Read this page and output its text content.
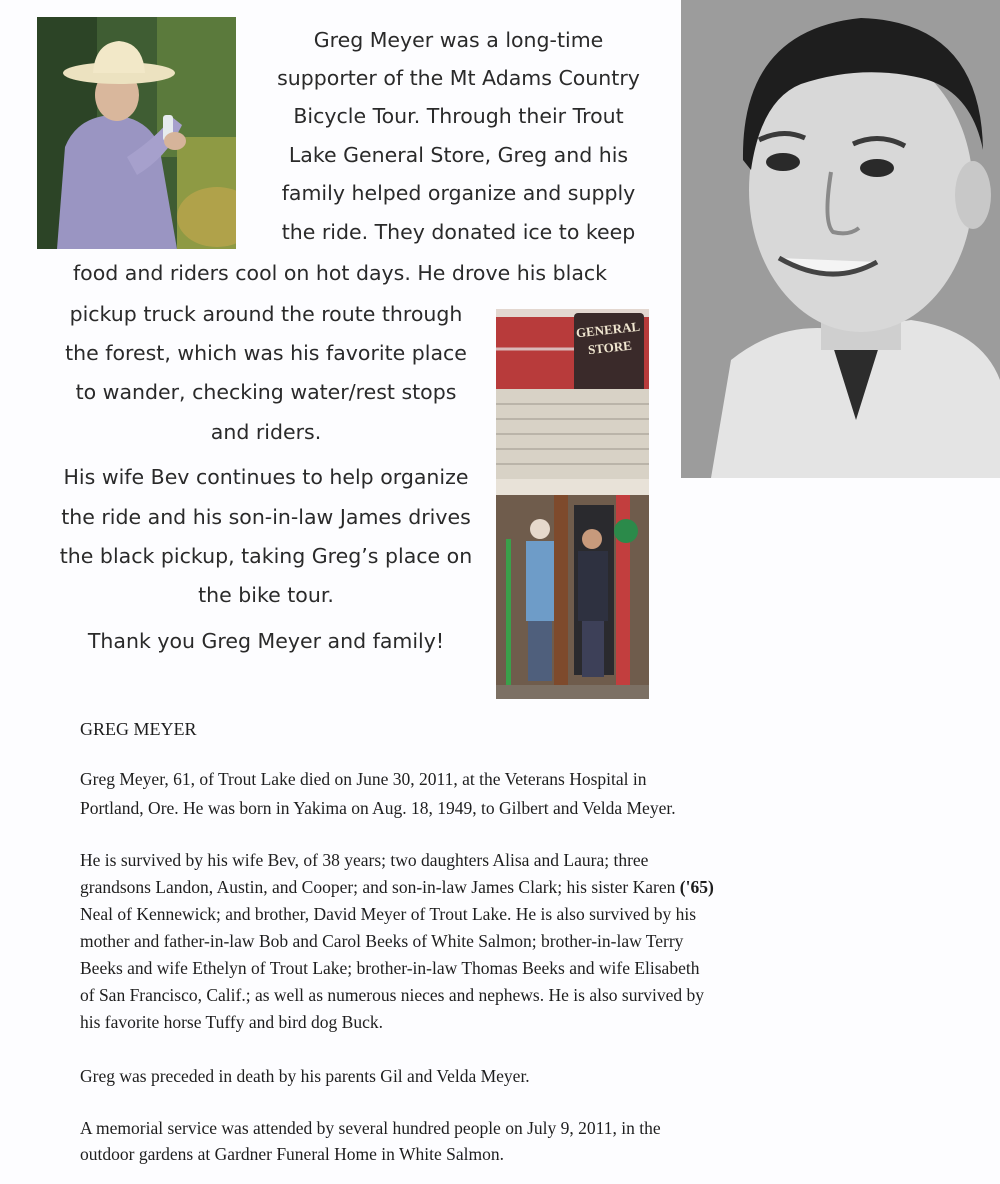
GENERAL
STORE

Greg Meyer was a long-time

supporter of the Mt Adams Country

Bicycle Tour. Through their Trout

Lake General Store, Greg and his

family helped organize and supply

the ride. They donated ice to keep

food and riders cool on hot days. He drove his black

pickup truck around the route through

the forest, which was his favorite place

to wander, checking water/rest stops

and riders.

His wife Bev continues to help organize

the ride and his son-in-law James drives

the black pickup, taking Greg’s place on

the bike tour.

Thank you Greg Meyer and family!

GREG MEYER

Greg Meyer, 61, of Trout Lake died on June 30, 2011, at the Veterans Hospital in

Portland, Ore. He was born in Yakima on Aug. 18, 1949, to Gilbert and Velda Meyer.

He is survived by his wife Bev, of 38 years; two daughters Alisa and Laura; three

grandsons Landon, Austin, and Cooper; and son-in-law James Clark; his sister Karen ('65)

Neal of Kennewick; and brother, David Meyer of Trout Lake. He is also survived by his

mother and father-in-law Bob and Carol Beeks of White Salmon; brother-in-law Terry

Beeks and wife Ethelyn of Trout Lake; brother-in-law Thomas Beeks and wife Elisabeth

of San Francisco, Calif.; as well as numerous nieces and nephews. He is also survived by

his favorite horse Tuffy and bird dog Buck.

Greg was preceded in death by his parents Gil and Velda Meyer.

A memorial service was attended by several hundred people on July 9, 2011, in the

outdoor gardens at Gardner Funeral Home in White Salmon.
